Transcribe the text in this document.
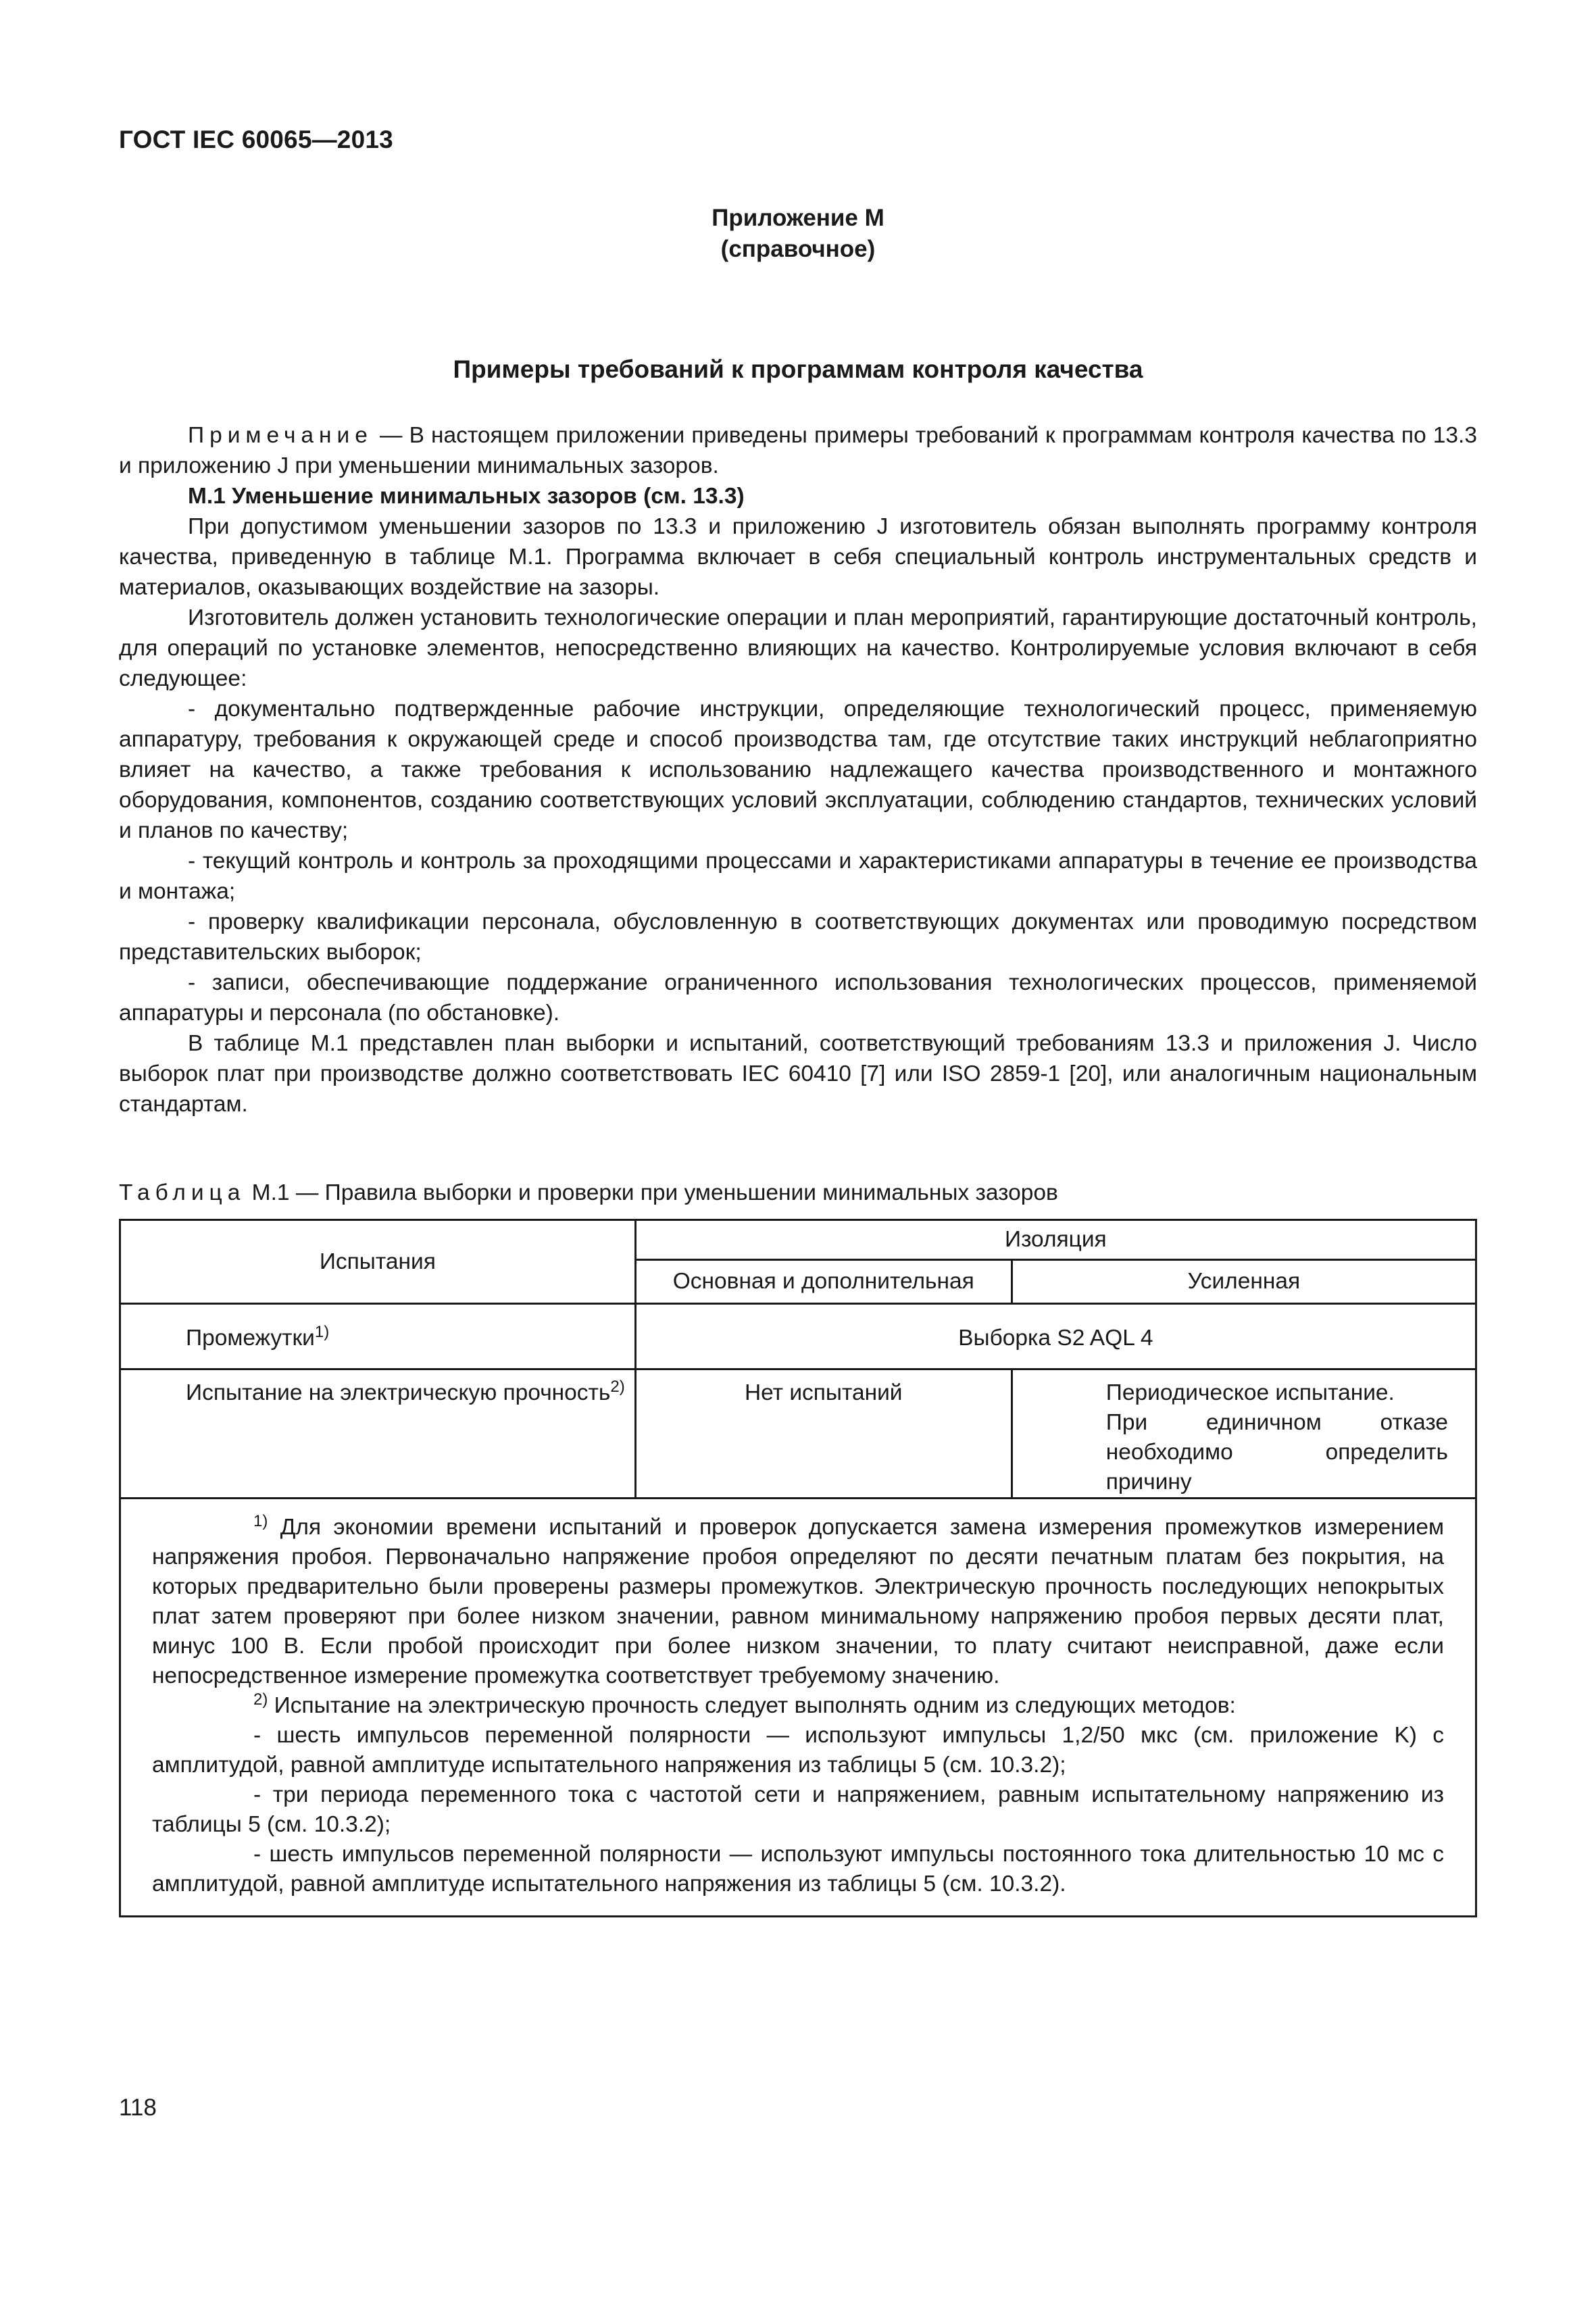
ГОСТ IEC 60065—2013
Приложение M
(справочное)
Примеры требований к программам контроля качества

Примечание — В настоящем приложении приведены примеры требований к программам контроля качества по 13.3 и приложению J при уменьшении минимальных зазоров.

M.1 Уменьшение минимальных зазоров (см. 13.3)

При допустимом уменьшении зазоров по 13.3 и приложению J изготовитель обязан выполнять программу контроля качества, приведенную в таблице M.1. Программа включает в себя специальный контроль инструментальных средств и материалов, оказывающих воздействие на зазоры.

Изготовитель должен установить технологические операции и план мероприятий, гарантирующие достаточный контроль, для операций по установке элементов, непосредственно влияющих на качество. Контролируемые условия включают в себя следующее:

- документально подтвержденные рабочие инструкции, определяющие технологический процесс, применяемую аппаратуру, требования к окружающей среде и способ производства там, где отсутствие таких инструкций неблагоприятно влияет на качество, а также требования к использованию надлежащего качества производственного и монтажного оборудования, компонентов, созданию соответствующих условий эксплуатации, соблюдению стандартов, технических условий и планов по качеству;

- текущий контроль и контроль за проходящими процессами и характеристиками аппаратуры в течение ее производства и монтажа;

- проверку квалификации персонала, обусловленную в соответствующих документах или проводимую посредством представительских выборок;

- записи, обеспечивающие поддержание ограниченного использования технологических процессов, применяемой аппаратуры и персонала (по обстановке).

В таблице M.1 представлен план выборки и испытаний, соответствующий требованиям 13.3 и приложения J. Число выборок плат при производстве должно соответствовать IEC 60410 [7] или ISO 2859-1 [20], или аналогичным национальным стандартам.

Таблица M.1 — Правила выборки и проверки при уменьшении минимальных зазоров
Испытания	Изоляция	
	Основная и дополнительная	Усиленная

Промежутки$^{1)}$	Выборка S2 AQL 4	
Испытание на электрическую прочность$^{2)}$	Нет испытаний	Периодическое испытание.
При единичном отказе необходимо определить причину

$^{1)}$ Для экономии времени испытаний и проверок допускается замена измерения промежутков измерением напряжения пробоя. Первоначально напряжение пробоя определяют по десяти печатным платам без покрытия, на которых предварительно были проверены размеры промежутков. Электрическую прочность последующих непокрытых плат затем проверяют при более низком значении, равном минимальному напряжению пробоя первых десяти плат, минус 100 В. Если пробой происходит при более низком значении, то плату считают неисправной, даже если непосредственное измерение промежутка соответствует требуемому значению.

$^{2)}$ Испытание на электрическую прочность следует выполнять одним из следующих методов:

- шесть импульсов переменной полярности — используют импульсы 1,2/50 мкс (см. приложение K) с амплитудой, равной амплитуде испытательного напряжения из таблицы 5 (см. 10.3.2);

- три периода переменного тока с частотой сети и напряжением, равным испытательному напряжению из таблицы 5 (см. 10.3.2);

- шесть импульсов переменной полярности — используют импульсы постоянного тока длительностью 10 мс с амплитудой, равной амплитуде испытательного напряжения из таблицы 5 (см. 10.3.2).		

118
